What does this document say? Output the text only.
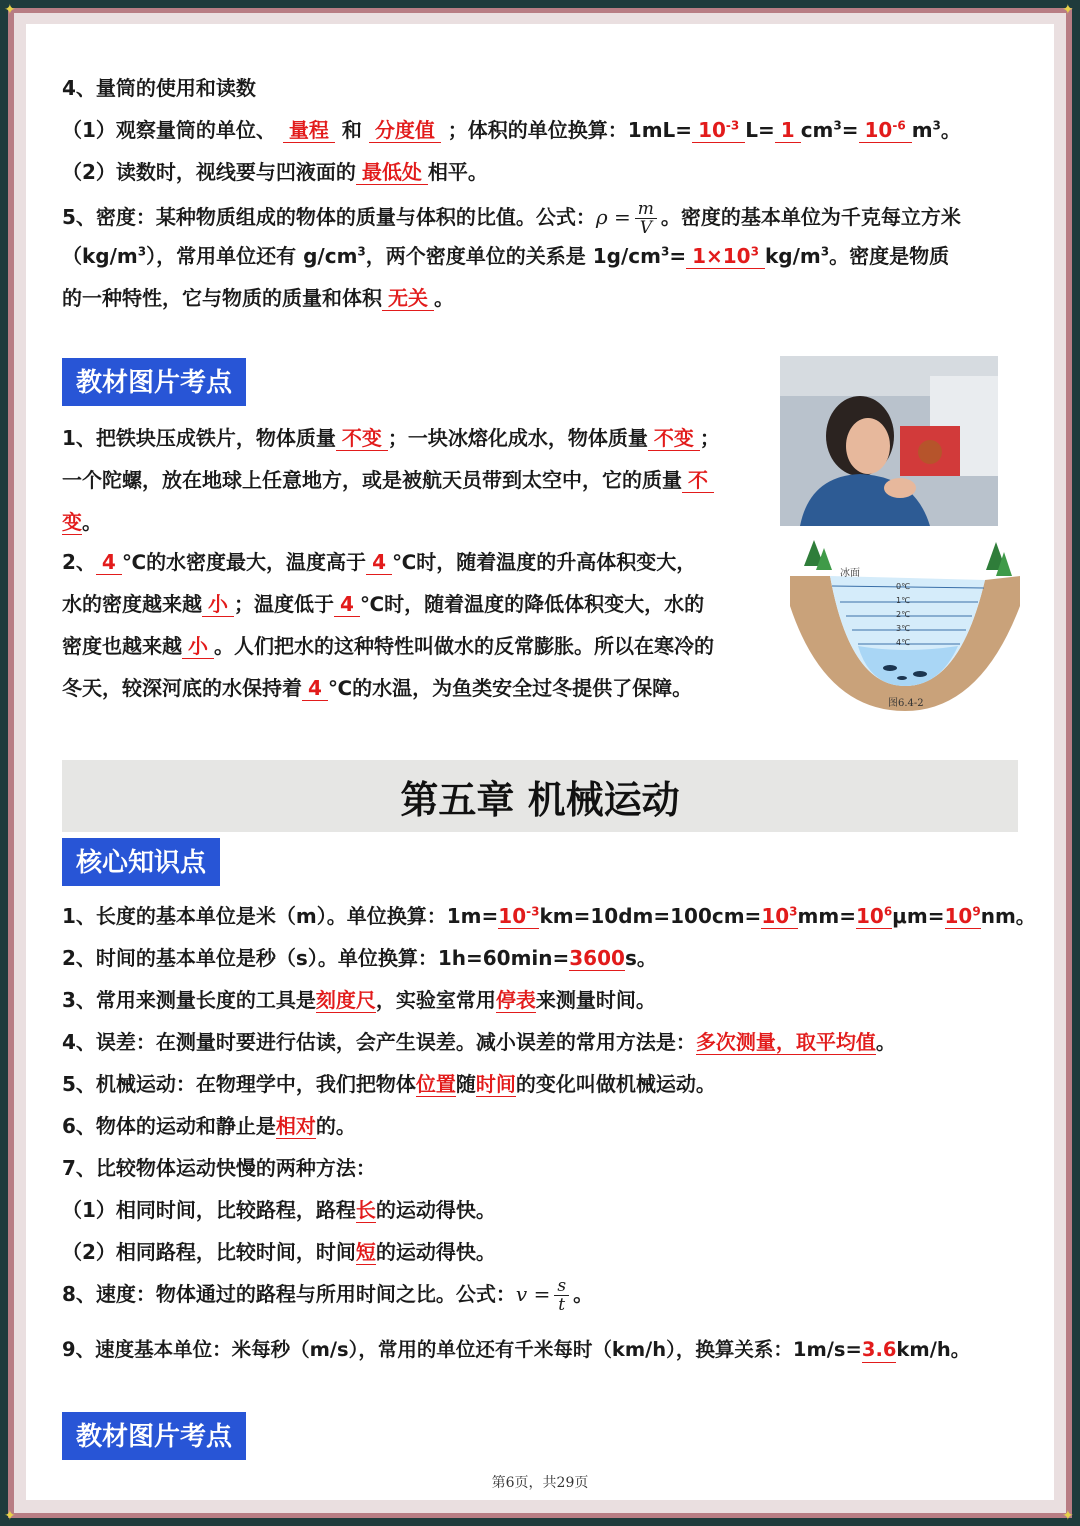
✦	✦
✦	✦
4、量筒的使用和读数
（1）观察量筒的单位、 量程 和 分度值 ；体积的单位换算：$1mL= 10^{-3}$ L= 1 $cm^3= 10^{-6}$ $m^3$。
（2）读数时，视线要与凹液面的 最低处 相平。
5、密度：某种物质组成的物体的质量与体积的比值。公式：$\rho = \frac{m}{V}$ 。密度的基本单位为千克每立方米
$(kg/m^3)$，常用单位还有 $g/cm^3$，两个密度单位的关系是 $1g/cm^3= 1\times 10^3$ $kg/m^3$。密度是物质
的一种特性，它与物质的质量和体积 无关 。
教材图片考点
1、把铁块压成铁片，物体质量 不变 ；一块冰熔化成水，物体质量 不变 ；
一个陀螺，放在地球上任意地方，或是被航天员带到太空中，它的质量 不
变。
2、 4 ℃的水密度最大，温度高于 4 ℃时，随着温度的升高体积变大，
水的密度越来越 小 ；温度低于 4 ℃时，随着温度的降低体积变大，水的
密度也越来越 小 。人们把水的这种特性叫做水的反常膨胀。所以在寒冷的
冬天，较深河底的水保持着 4 ℃的水温，为鱼类安全过冬提供了保障。
冰面
0℃
1℃
2℃
3℃
4℃
图6.4-2
第五章 机械运动
核心知识点
1、长度的基本单位是米（m）。单位换算：$1m=10^{-3}km=10dm=100cm=10^3mm=10^6\mu m=10^9nm$。
2、时间的基本单位是秒（s）。单位换算：1h=60min=3600s。
3、常用来测量长度的工具是刻度尺，实验室常用停表来测量时间。
4、误差：在测量时要进行估读，会产生误差。减小误差的常用方法是：多次测量，取平均值。
5、机械运动：在物理学中，我们把物体位置随时间的变化叫做机械运动。
6、物体的运动和静止是相对的。
7、比较物体运动快慢的两种方法：
（1）相同时间，比较路程，路程长的运动得快。
（2）相同路程，比较时间，时间短的运动得快。
8、速度：物体通过的路程与所用时间之比。公式：$v = \frac{s}{t}$ 。
9、速度基本单位：米每秒（m/s），常用的单位还有千米每时（km/h），换算关系：1m/s=3.6km/h。
教材图片考点
第6页，共29页
